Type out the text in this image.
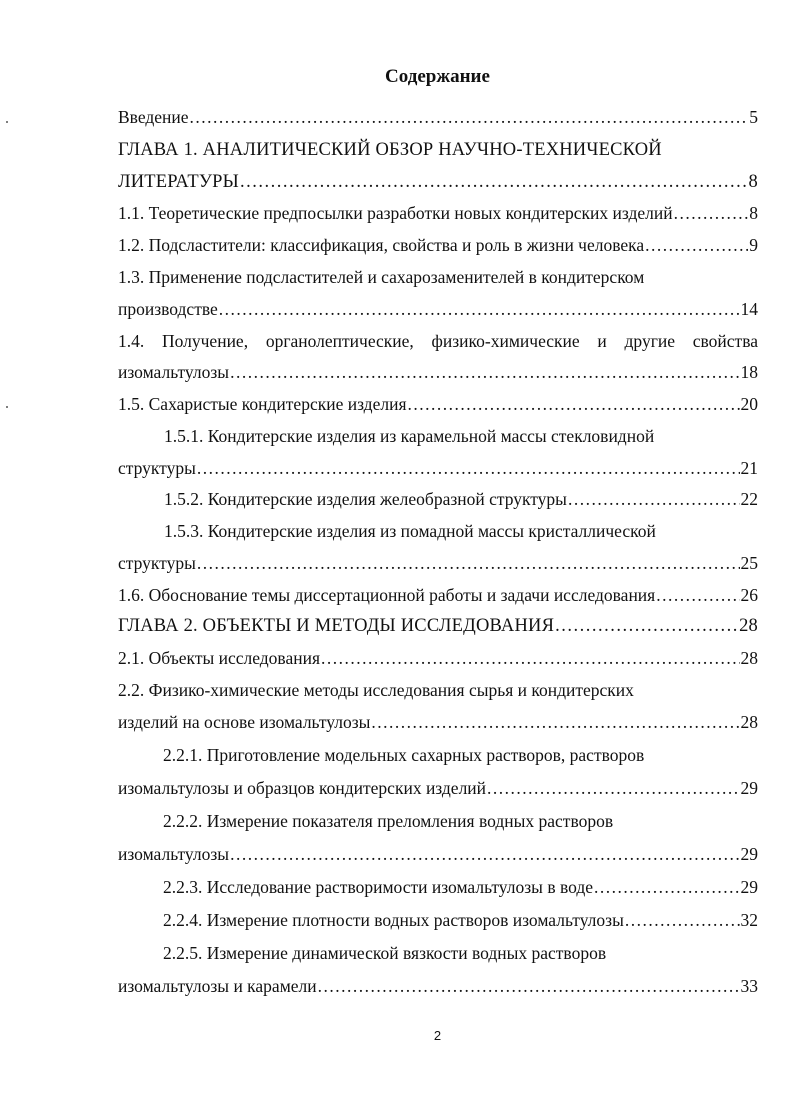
Содержание
Введение .....	5
ГЛАВА 1. АНАЛИТИЧЕСКИЙ ОБЗОР НАУЧНО-ТЕХНИЧЕСКОЙ
ЛИТЕРАТУРЫ .....	8
1.1. Теоретические предпосылки разработки новых кондитерских изделий .....	8
1.2. Подсластители: классификация, свойства и роль в жизни человека .....	9
1.3. Применение подсластителей и сахарозаменителей в кондитерском
производстве .....	14
1.4. Получение, органолептические, физико-химические и другие свойства
изомальтулозы .....	18
1.5. Сахаристые кондитерские изделия .....	20
1.5.1. Кондитерские изделия из карамельной массы стекловидной
структуры .....	21
1.5.2. Кондитерские изделия желеобразной структуры .....	22
1.5.3. Кондитерские изделия из помадной массы кристаллической
структуры .....	25
1.6. Обоснование темы диссертационной работы и задачи исследования .....	26
ГЛАВА 2. ОБЪЕКТЫ И МЕТОДЫ ИССЛЕДОВАНИЯ .....	28
2.1. Объекты исследования .....	28
2.2. Физико-химические методы исследования сырья и кондитерских
изделий на основе изомальтулозы .....	28
2.2.1. Приготовление модельных сахарных растворов, растворов
изомальтулозы и образцов кондитерских изделий .....	29
2.2.2. Измерение показателя преломления водных растворов
изомальтулозы .....	29
2.2.3. Исследование растворимости изомальтулозы в воде .....	29
2.2.4. Измерение плотности водных растворов изомальтулозы .....	32
2.2.5. Измерение динамической вязкости водных растворов
изомальтулозы и карамели .....	33
2
